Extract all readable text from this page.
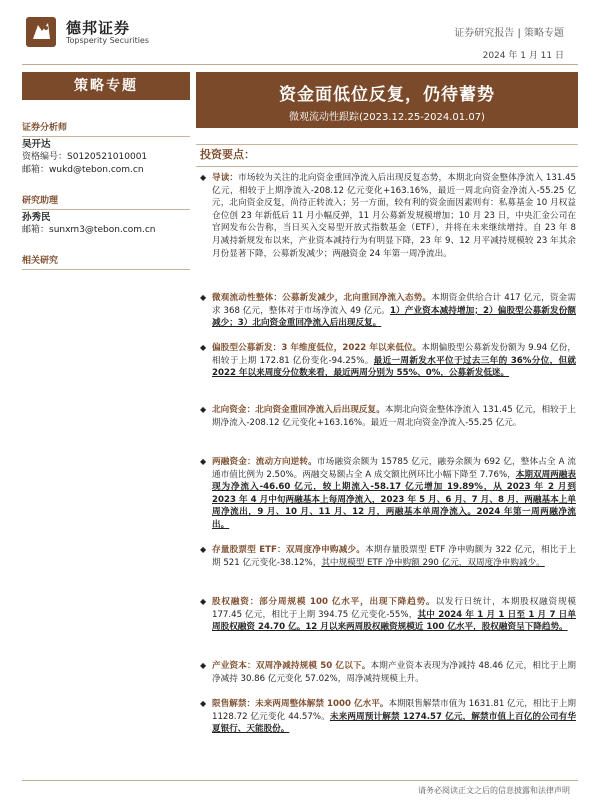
德邦证券
Topsperity Securities
证券研究报告 | 策略专题
2024 年 1 月 11 日
策略专题
证券分析师
吴开达
资格编号：S0120521010001
邮箱：wukd@tebon.com.cn
研究助理
孙秀民
邮箱：sunxm3@tebon.com.cn
相关研究
资金面低位反复，仍待蓄势
微观流动性跟踪(2023.12.25-2024.01.07)
投资要点：
◆ 导读：市场较为关注的北向资金重回净流入后出现反复态势，本期北向资金整体净流入 131.45 亿元，相较于上期净流入-208.12 亿元变化+163.16%，最近一周北向资金净流入-55.25 亿元，北向资金反复，尚待正转流入；另一方面，较有利的资金面因素则有：私募基金 10 月权益仓位创 23 年新低后 11 月小幅反弹，11 月公募新发规模增加；10 月 23 日，中央汇金公司在官网发布公告称，当日买入交易型开放式指数基金（ETF），并将在未来继续增持。自 23 年 8 月减持新规发布以来，产业资本减持行为有明显下降，23 年 9、12 月平减持规模较 23 年其余月份显著下降，公募新发减少；两融资金 24 年第一周净流出。
◆ 微观流动性整体：公募新发减少，北向重回净流入态势。本期资金供给合计 417 亿元，资金需求 368 亿元，整体对于市场净流入 49 亿元。1）产业资本减持增加；2）偏股型公募新发份额减少；3）北向资金重回净流入后出现反复。
◆ 偏股型公募新发：3 年维度低位，2022 年以来低位。本期偏股型公募新发份额为 9.94 亿份，相较于上期 172.81 亿份变化-94.25%。最近一周新发水平位于过去三年的 36%分位，但就 2022 年以来周度分位数来看，最近两周分别为 55%、0%，公募新发低迷。
◆ 北向资金：北向资金重回净流入后出现反复。本期北向资金整体净流入 131.45 亿元，相较于上期净流入-208.12 亿元变化+163.16%。最近一周北向资金净流入-55.25 亿元。
◆ 两融资金：流动方向逆转。市场融资余额为 15785 亿元，融券余额为 692 亿，整体占全 A 流通市值比例为 2.50%。两融交易额占全 A 成交额比例环比小幅下降至 7.76%，本期双周两融表现为净流入-46.60 亿元，较上期流入-58.17 亿元增加 19.89%，从 2023 年 2 月到 2023 年 4 月中旬两融基本上每周净流入，2023 年 5 月、6 月、7 月、8 月，两融基本上单周净流出，9 月、10 月、11 月、12 月，两融基本单周净流入。2024 年第一周两融净流出。
◆ 存量股票型 ETF：双周度净申购减少。本期存量股票型 ETF 净申购额为 322 亿元，相比于上期 521 亿元变化-38.12%，其中规模型 ETF 净申购额 290 亿元，双周度净申购减少。
◆ 股权融资：部分周规模 100 亿水平，出现下降趋势。以发行日统计，本期股权融资规模 177.45 亿元，相比于上期 394.75 亿元变化-55%，其中 2024 年 1 月 1 日至 1 月 7 日单周股权融资 24.70 亿。12 月以来两周股权融资规模近 100 亿水平，股权融资呈下降趋势。
◆ 产业资本：双周净减持规模 50 亿以下。本期产业资本表现为净减持 48.46 亿元，相比于上期净减持 30.86 亿元变化 57.02%，周净减持规模上升。
◆ 限售解禁：未来两周整体解禁 1000 亿水平。本期限售解禁市值为 1631.81 亿元，相比于上期 1128.72 亿元变化 44.57%。未来两周预计解禁 1274.57 亿元，解禁市值上百亿的公司有华夏银行、天能股份。
请务必阅读正文之后的信息披露和法律声明
